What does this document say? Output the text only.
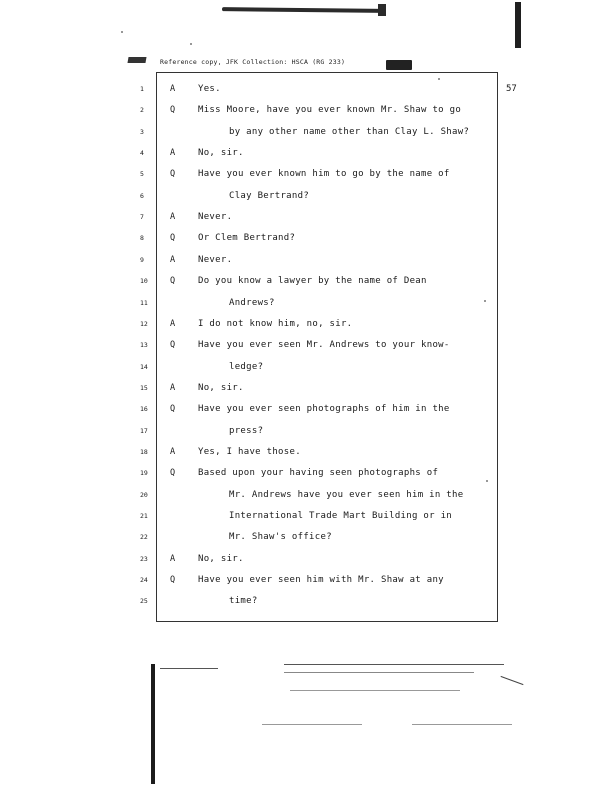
Reference copy, JFK Collection: HSCA (RG 233)
57
1	A	Yes.
2	Q	Miss Moore, have you ever known Mr. Shaw to go
3	by any other name other than Clay L. Shaw?
4	A	No, sir.
5	Q	Have you ever known him to go by the name of
6	Clay Bertrand?
7	A	Never.
8	Q	Or Clem Bertrand?
9	A	Never.
10	Q	Do you know a lawyer by the name of Dean
11	Andrews?
12	A	I do not know him, no, sir.
13	Q	Have you ever seen Mr. Andrews to your know-
14	ledge?
15	A	No, sir.
16	Q	Have you ever seen photographs of him in the
17	press?
18	A	Yes, I have those.
19	Q	Based upon your having seen photographs of
20	Mr. Andrews have you ever seen him in the
21	International Trade Mart Building or in
22	Mr. Shaw's office?
23	A	No, sir.
24	Q	Have you ever seen him with Mr. Shaw at any
25	time?
